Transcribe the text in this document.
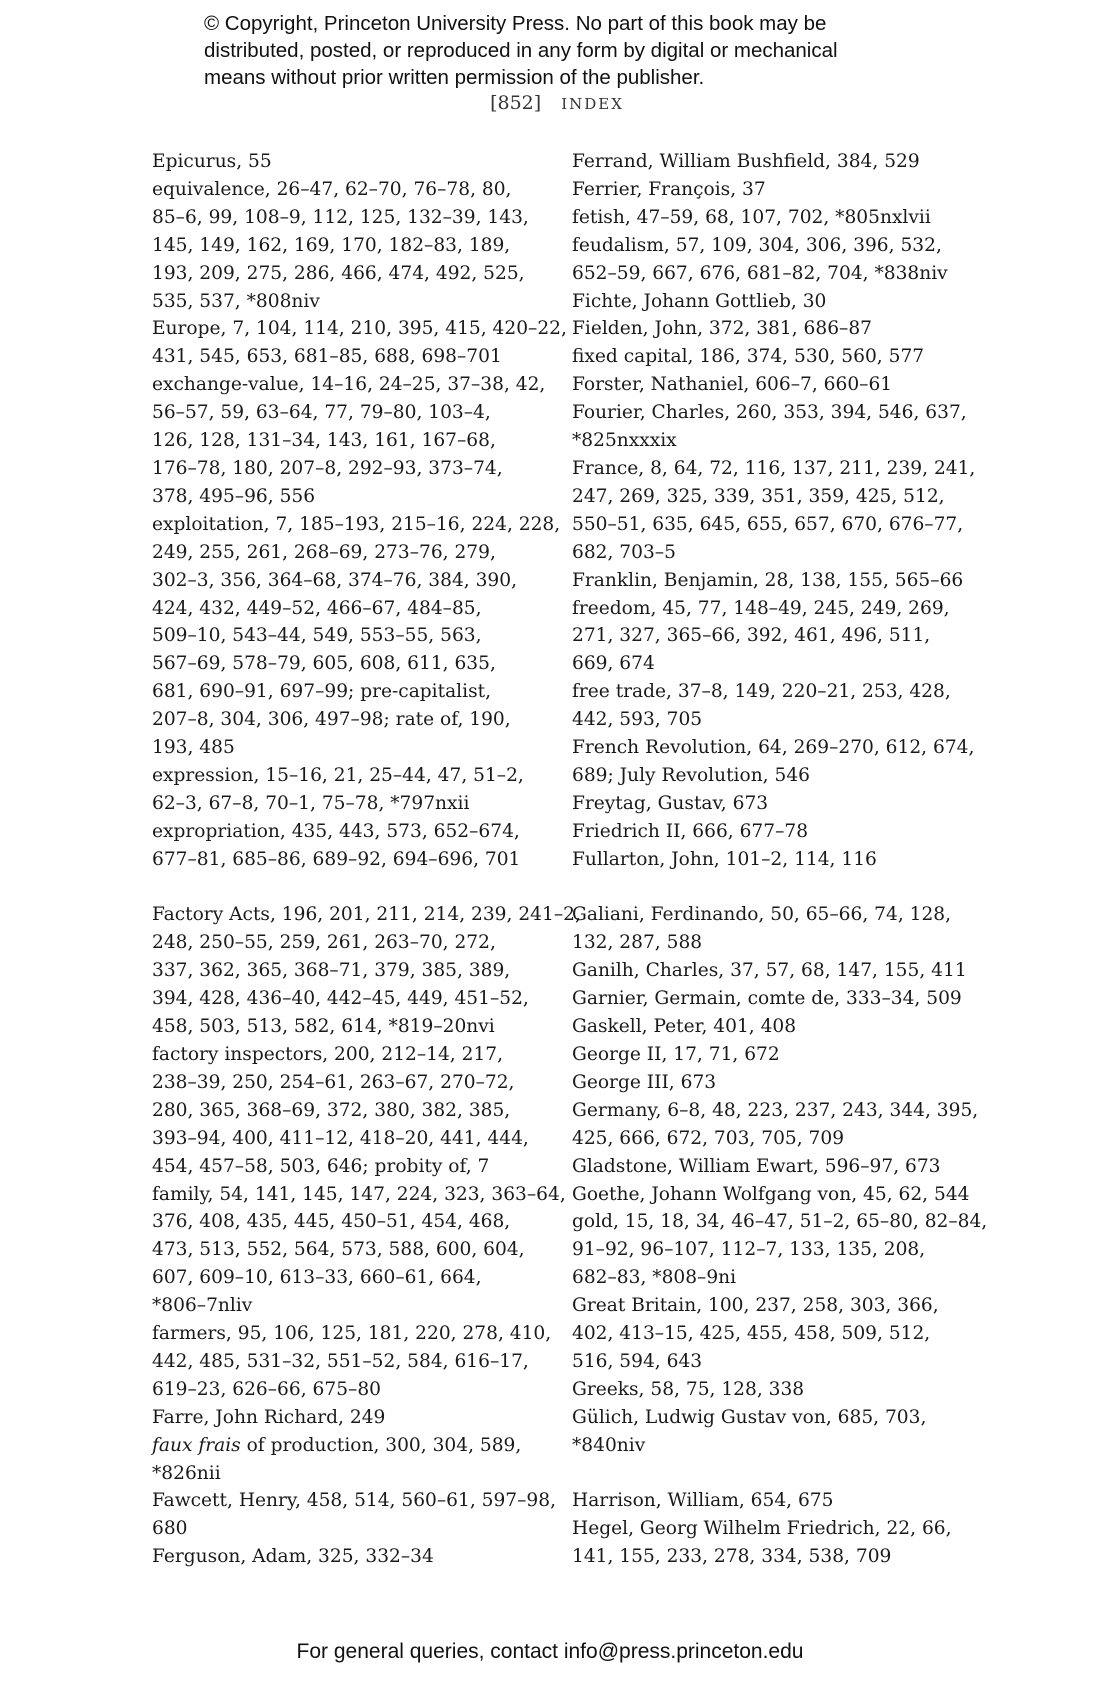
© Copyright, Princeton University Press. No part of this book may be
distributed, posted, or reproduced in any form by digital or mechanical
means without prior written permission of the publisher.
[852] INDEX
Epicurus, 55
equivalence, 26–47, 62–70, 76–78, 80,
85–6, 99, 108–9, 112, 125, 132–39, 143,
145, 149, 162, 169, 170, 182–83, 189,
193, 209, 275, 286, 466, 474, 492, 525,
535, 537, *808niv
Europe, 7, 104, 114, 210, 395, 415, 420–22,
431, 545, 653, 681–85, 688, 698–701
exchange-value, 14–16, 24–25, 37–38, 42,
56–57, 59, 63–64, 77, 79–80, 103–4,
126, 128, 131–34, 143, 161, 167–68,
176–78, 180, 207–8, 292–93, 373–74,
378, 495–96, 556
exploitation, 7, 185–193, 215–16, 224, 228,
249, 255, 261, 268–69, 273–76, 279,
302–3, 356, 364–68, 374–76, 384, 390,
424, 432, 449–52, 466–67, 484–85,
509–10, 543–44, 549, 553–55, 563,
567–69, 578–79, 605, 608, 611, 635,
681, 690–91, 697–99; pre-capitalist,
207–8, 304, 306, 497–98; rate of, 190,
193, 485
expression, 15–16, 21, 25–44, 47, 51–2,
62–3, 67–8, 70–1, 75–78, *797nxii
expropriation, 435, 443, 573, 652–674,
677–81, 685–86, 689–92, 694–696, 701
Factory Acts, 196, 201, 211, 214, 239, 241–2,
248, 250–55, 259, 261, 263–70, 272,
337, 362, 365, 368–71, 379, 385, 389,
394, 428, 436–40, 442–45, 449, 451–52,
458, 503, 513, 582, 614, *819–20nvi
factory inspectors, 200, 212–14, 217,
238–39, 250, 254–61, 263–67, 270–72,
280, 365, 368–69, 372, 380, 382, 385,
393–94, 400, 411–12, 418–20, 441, 444,
454, 457–58, 503, 646; probity of, 7
family, 54, 141, 145, 147, 224, 323, 363–64,
376, 408, 435, 445, 450–51, 454, 468,
473, 513, 552, 564, 573, 588, 600, 604,
607, 609–10, 613–33, 660–61, 664,
*806–7nliv
farmers, 95, 106, 125, 181, 220, 278, 410,
442, 485, 531–32, 551–52, 584, 616–17,
619–23, 626–66, 675–80
Farre, John Richard, 249
faux frais of production, 300, 304, 589,
*826nii
Fawcett, Henry, 458, 514, 560–61, 597–98,
680
Ferguson, Adam, 325, 332–34
Ferrand, William Bushfield, 384, 529
Ferrier, François, 37
fetish, 47–59, 68, 107, 702, *805nxlvii
feudalism, 57, 109, 304, 306, 396, 532,
652–59, 667, 676, 681–82, 704, *838niv
Fichte, Johann Gottlieb, 30
Fielden, John, 372, 381, 686–87
fixed capital, 186, 374, 530, 560, 577
Forster, Nathaniel, 606–7, 660–61
Fourier, Charles, 260, 353, 394, 546, 637,
*825nxxxix
France, 8, 64, 72, 116, 137, 211, 239, 241,
247, 269, 325, 339, 351, 359, 425, 512,
550–51, 635, 645, 655, 657, 670, 676–77,
682, 703–5
Franklin, Benjamin, 28, 138, 155, 565–66
freedom, 45, 77, 148–49, 245, 249, 269,
271, 327, 365–66, 392, 461, 496, 511,
669, 674
free trade, 37–8, 149, 220–21, 253, 428,
442, 593, 705
French Revolution, 64, 269–270, 612, 674,
689; July Revolution, 546
Freytag, Gustav, 673
Friedrich II, 666, 677–78
Fullarton, John, 101–2, 114, 116
Galiani, Ferdinando, 50, 65–66, 74, 128,
132, 287, 588
Ganilh, Charles, 37, 57, 68, 147, 155, 411
Garnier, Germain, comte de, 333–34, 509
Gaskell, Peter, 401, 408
George II, 17, 71, 672
George III, 673
Germany, 6–8, 48, 223, 237, 243, 344, 395,
425, 666, 672, 703, 705, 709
Gladstone, William Ewart, 596–97, 673
Goethe, Johann Wolfgang von, 45, 62, 544
gold, 15, 18, 34, 46–47, 51–2, 65–80, 82–84,
91–92, 96–107, 112–7, 133, 135, 208,
682–83, *808–9ni
Great Britain, 100, 237, 258, 303, 366,
402, 413–15, 425, 455, 458, 509, 512,
516, 594, 643
Greeks, 58, 75, 128, 338
Gülich, Ludwig Gustav von, 685, 703,
*840niv
Harrison, William, 654, 675
Hegel, Georg Wilhelm Friedrich, 22, 66,
141, 155, 233, 278, 334, 538, 709
For general queries, contact info@press.princeton.edu
